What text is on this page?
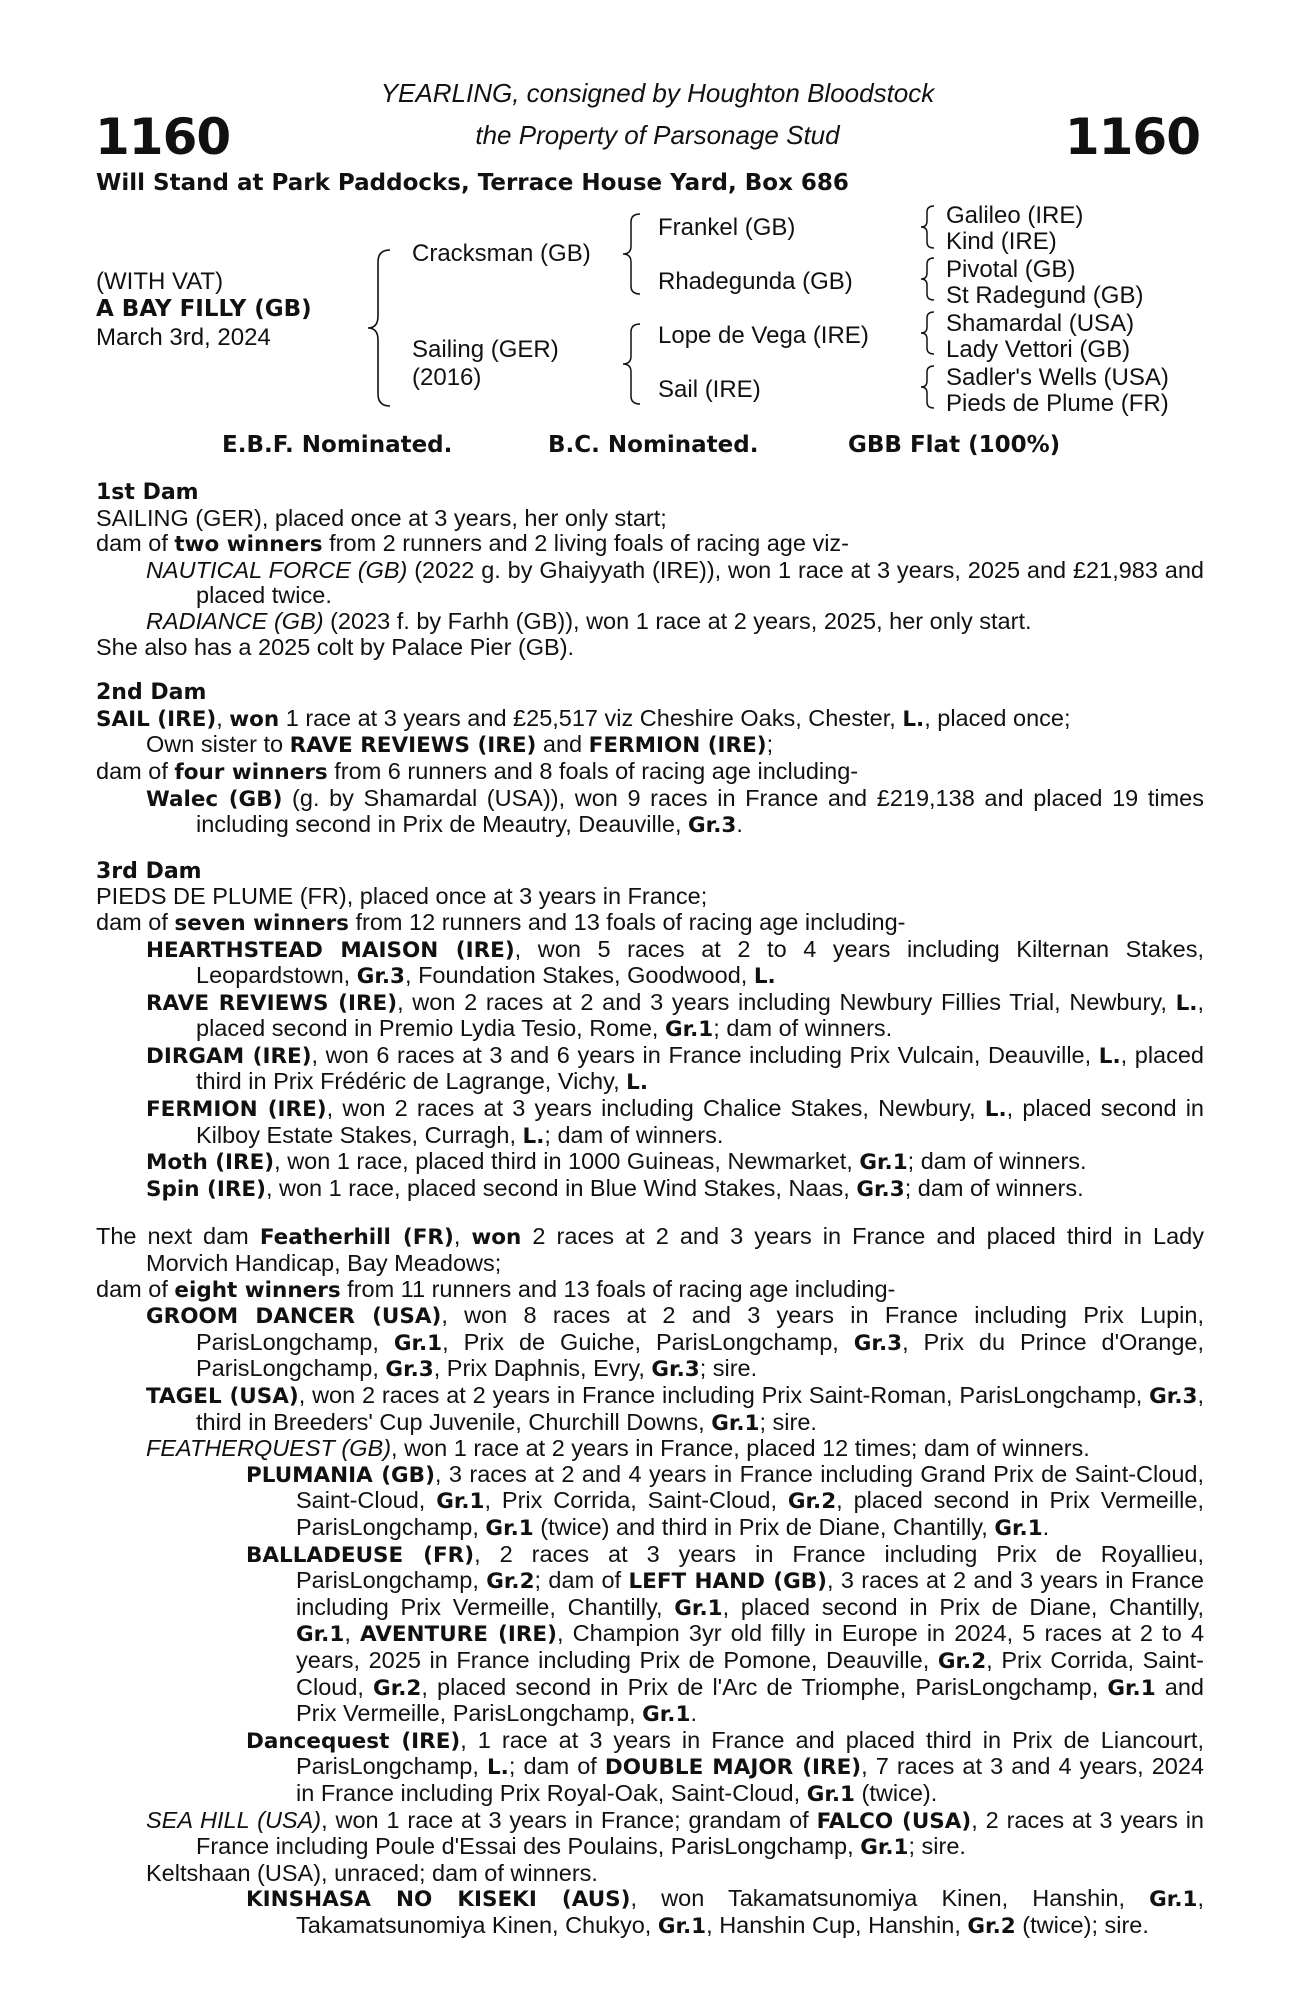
1160	1160
YEARLING, consigned by Houghton Bloodstock
the Property of Parsonage Stud
Will Stand at Park Paddocks, Terrace House Yard, Box 686
(WITH VAT)
A BAY FILLY (GB)
March 3rd, 2024
Cracksman (GB)
Sailing (GER)
(2016)
Frankel (GB)
Rhadegunda (GB)
Lope de Vega (IRE)
Sail (IRE)
Galileo (IRE)
Kind (IRE)
Pivotal (GB)
St Radegund (GB)
Shamardal (USA)
Lady Vettori (GB)
Sadler's Wells (USA)
Pieds de Plume (FR)
E.B.F. Nominated.	B.C. Nominated.	GBB Flat (100%)
1st Dam
SAILING (GER), placed once at 3 years, her only start;
dam of two winners from 2 runners and 2 living foals of racing age viz-
NAUTICAL FORCE (GB) (2022 g. by Ghaiyyath (IRE)), won 1 race at 3 years, 2025 and £21,983 and placed twice.
RADIANCE (GB) (2023 f. by Farhh (GB)), won 1 race at 2 years, 2025, her only start.
She also has a 2025 colt by Palace Pier (GB).
2nd Dam
SAIL (IRE), won 1 race at 3 years and £25,517 viz Cheshire Oaks, Chester, L., placed once;
Own sister to RAVE REVIEWS (IRE) and FERMION (IRE);
dam of four winners from 6 runners and 8 foals of racing age including-
Walec (GB) (g. by Shamardal (USA)), won 9 races in France and £219,138 and placed 19 times including second in Prix de Meautry, Deauville, Gr.3.
3rd Dam
PIEDS DE PLUME (FR), placed once at 3 years in France;
dam of seven winners from 12 runners and 13 foals of racing age including-
HEARTHSTEAD MAISON (IRE), won 5 races at 2 to 4 years including Kilternan Stakes, Leopardstown, Gr.3, Foundation Stakes, Goodwood, L.
RAVE REVIEWS (IRE), won 2 races at 2 and 3 years including Newbury Fillies Trial, Newbury, L., placed second in Premio Lydia Tesio, Rome, Gr.1; dam of winners.
DIRGAM (IRE), won 6 races at 3 and 6 years in France including Prix Vulcain, Deauville, L., placed third in Prix Frédéric de Lagrange, Vichy, L.
FERMION (IRE), won 2 races at 3 years including Chalice Stakes, Newbury, L., placed second in Kilboy Estate Stakes, Curragh, L.; dam of winners.
Moth (IRE), won 1 race, placed third in 1000 Guineas, Newmarket, Gr.1; dam of winners.
Spin (IRE), won 1 race, placed second in Blue Wind Stakes, Naas, Gr.3; dam of winners.
The next dam Featherhill (FR), won 2 races at 2 and 3 years in France and placed third in Lady Morvich Handicap, Bay Meadows;
dam of eight winners from 11 runners and 13 foals of racing age including-
GROOM DANCER (USA), won 8 races at 2 and 3 years in France including Prix Lupin, ParisLongchamp, Gr.1, Prix de Guiche, ParisLongchamp, Gr.3, Prix du Prince d'Orange, ParisLongchamp, Gr.3, Prix Daphnis, Evry, Gr.3; sire.
TAGEL (USA), won 2 races at 2 years in France including Prix Saint-Roman, ParisLongchamp, Gr.3, third in Breeders' Cup Juvenile, Churchill Downs, Gr.1; sire.
FEATHERQUEST (GB), won 1 race at 2 years in France, placed 12 times; dam of winners.
PLUMANIA (GB), 3 races at 2 and 4 years in France including Grand Prix de Saint-Cloud, Saint-Cloud, Gr.1, Prix Corrida, Saint-Cloud, Gr.2, placed second in Prix Vermeille, ParisLongchamp, Gr.1 (twice) and third in Prix de Diane, Chantilly, Gr.1.
BALLADEUSE (FR), 2 races at 3 years in France including Prix de Royallieu, ParisLongchamp, Gr.2; dam of LEFT HAND (GB), 3 races at 2 and 3 years in France including Prix Vermeille, Chantilly, Gr.1, placed second in Prix de Diane, Chantilly, Gr.1, AVENTURE (IRE), Champion 3yr old filly in Europe in 2024, 5 races at 2 to 4 years, 2025 in France including Prix de Pomone, Deauville, Gr.2, Prix Corrida, Saint-Cloud, Gr.2, placed second in Prix de l'Arc de Triomphe, ParisLongchamp, Gr.1 and Prix Vermeille, ParisLongchamp, Gr.1.
Dancequest (IRE), 1 race at 3 years in France and placed third in Prix de Liancourt, ParisLongchamp, L.; dam of DOUBLE MAJOR (IRE), 7 races at 3 and 4 years, 2024 in France including Prix Royal-Oak, Saint-Cloud, Gr.1 (twice).
SEA HILL (USA), won 1 race at 3 years in France; grandam of FALCO (USA), 2 races at 3 years in France including Poule d'Essai des Poulains, ParisLongchamp, Gr.1; sire.
Keltshaan (USA), unraced; dam of winners.
KINSHASA NO KISEKI (AUS), won Takamatsunomiya Kinen, Hanshin, Gr.1, Takamatsunomiya Kinen, Chukyo, Gr.1, Hanshin Cup, Hanshin, Gr.2 (twice); sire.
